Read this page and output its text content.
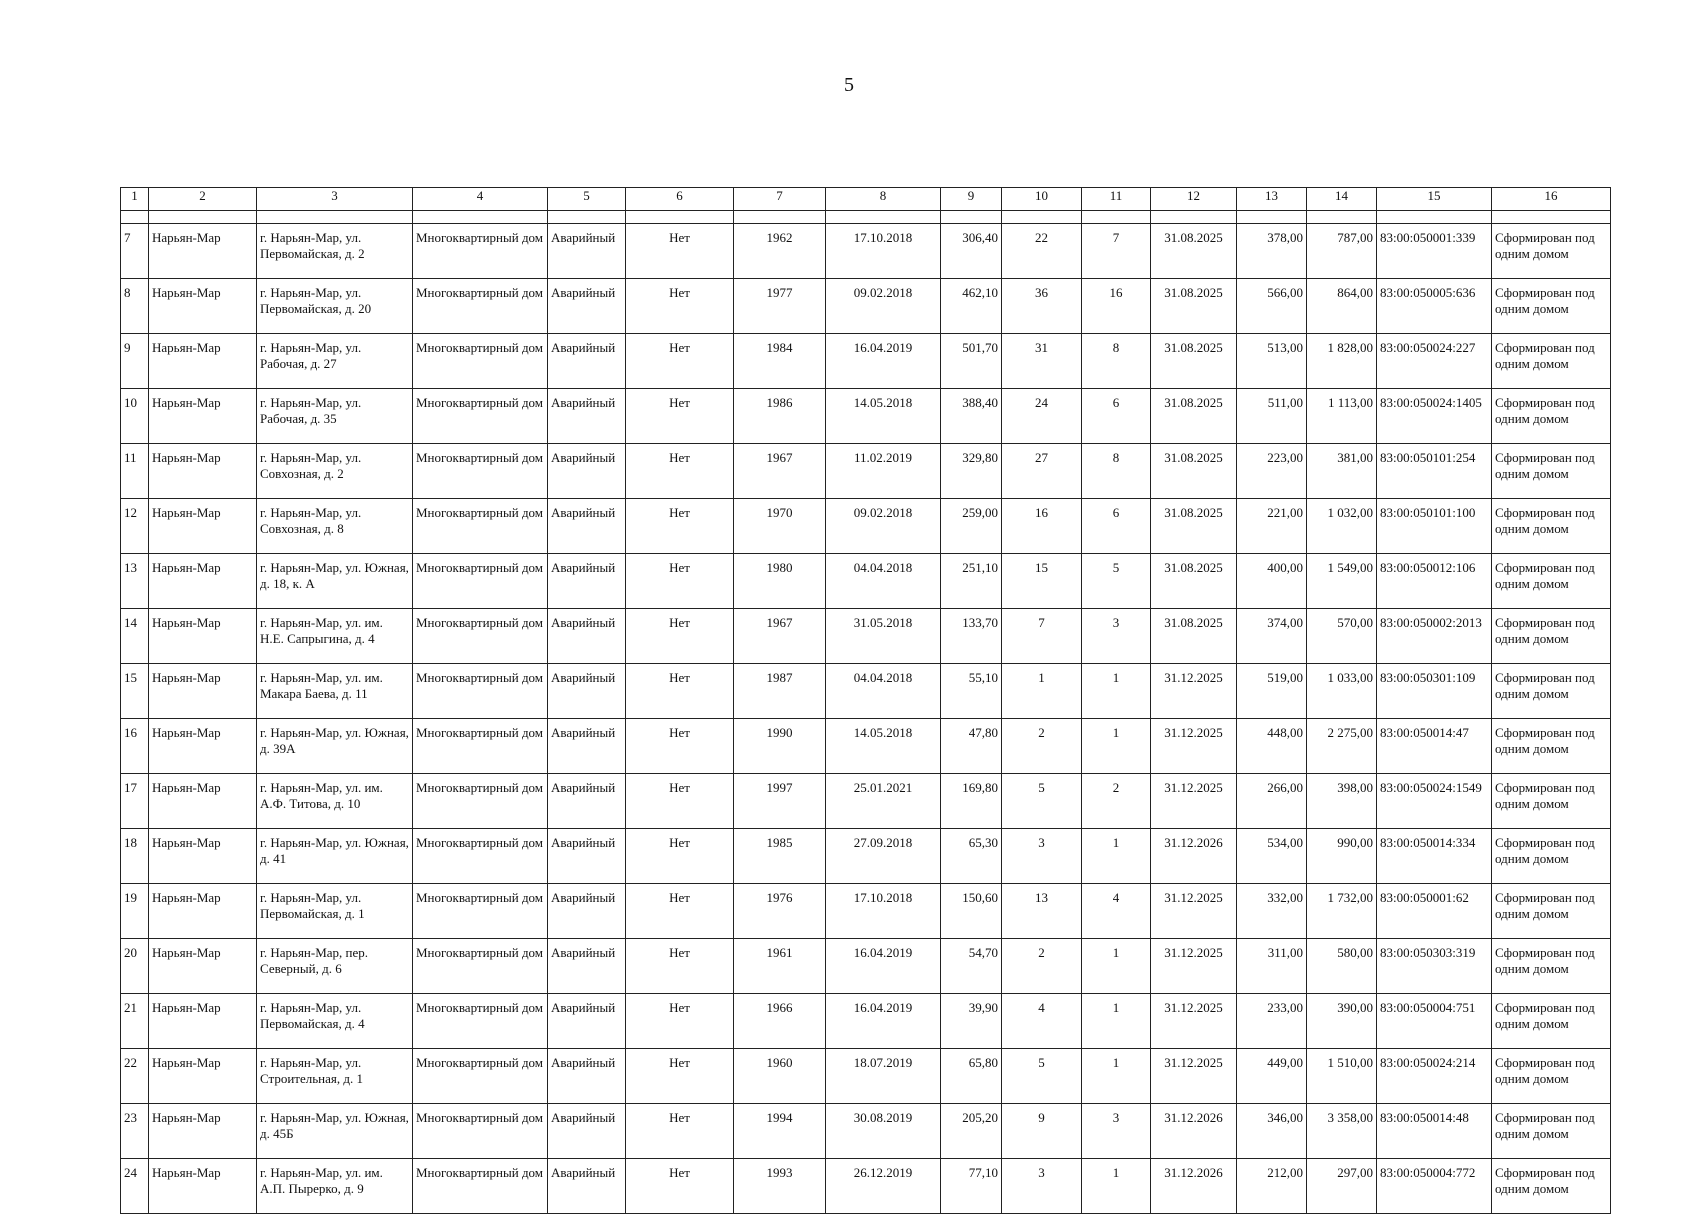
5
1	2	3	4	5	6	7	8	9	10	11	12	13	14	15	16

7	Нарьян-Мар	г. Нарьян-Мар, ул. Первомайская, д. 2	Многоквартирный дом	Аварийный	Нет	1962	17.10.2018	306,40	22	7	31.08.2025	378,00	787,00	83:00:050001:339	Сформирован под одним домом
8	Нарьян-Мар	г. Нарьян-Мар, ул. Первомайская, д. 20	Многоквартирный дом	Аварийный	Нет	1977	09.02.2018	462,10	36	16	31.08.2025	566,00	864,00	83:00:050005:636	Сформирован под одним домом
9	Нарьян-Мар	г. Нарьян-Мар, ул. Рабочая, д. 27	Многоквартирный дом	Аварийный	Нет	1984	16.04.2019	501,70	31	8	31.08.2025	513,00	1 828,00	83:00:050024:227	Сформирован под одним домом
10	Нарьян-Мар	г. Нарьян-Мар, ул. Рабочая, д. 35	Многоквартирный дом	Аварийный	Нет	1986	14.05.2018	388,40	24	6	31.08.2025	511,00	1 113,00	83:00:050024:1405	Сформирован под одним домом
11	Нарьян-Мар	г. Нарьян-Мар, ул. Совхозная, д. 2	Многоквартирный дом	Аварийный	Нет	1967	11.02.2019	329,80	27	8	31.08.2025	223,00	381,00	83:00:050101:254	Сформирован под одним домом
12	Нарьян-Мар	г. Нарьян-Мар, ул. Совхозная, д. 8	Многоквартирный дом	Аварийный	Нет	1970	09.02.2018	259,00	16	6	31.08.2025	221,00	1 032,00	83:00:050101:100	Сформирован под одним домом
13	Нарьян-Мар	г. Нарьян-Мар, ул. Южная, д. 18, к. А	Многоквартирный дом	Аварийный	Нет	1980	04.04.2018	251,10	15	5	31.08.2025	400,00	1 549,00	83:00:050012:106	Сформирован под одним домом
14	Нарьян-Мар	г. Нарьян-Мар, ул. им. Н.Е. Сапрыгина, д. 4	Многоквартирный дом	Аварийный	Нет	1967	31.05.2018	133,70	7	3	31.08.2025	374,00	570,00	83:00:050002:2013	Сформирован под одним домом
15	Нарьян-Мар	г. Нарьян-Мар, ул. им. Макара Баева, д. 11	Многоквартирный дом	Аварийный	Нет	1987	04.04.2018	55,10	1	1	31.12.2025	519,00	1 033,00	83:00:050301:109	Сформирован под одним домом
16	Нарьян-Мар	г. Нарьян-Мар, ул. Южная, д. 39А	Многоквартирный дом	Аварийный	Нет	1990	14.05.2018	47,80	2	1	31.12.2025	448,00	2 275,00	83:00:050014:47	Сформирован под одним домом
17	Нарьян-Мар	г. Нарьян-Мар, ул. им. А.Ф. Титова, д. 10	Многоквартирный дом	Аварийный	Нет	1997	25.01.2021	169,80	5	2	31.12.2025	266,00	398,00	83:00:050024:1549	Сформирован под одним домом
18	Нарьян-Мар	г. Нарьян-Мар, ул. Южная, д. 41	Многоквартирный дом	Аварийный	Нет	1985	27.09.2018	65,30	3	1	31.12.2026	534,00	990,00	83:00:050014:334	Сформирован под одним домом
19	Нарьян-Мар	г. Нарьян-Мар, ул. Первомайская, д. 1	Многоквартирный дом	Аварийный	Нет	1976	17.10.2018	150,60	13	4	31.12.2025	332,00	1 732,00	83:00:050001:62	Сформирован под одним домом
20	Нарьян-Мар	г. Нарьян-Мар, пер. Северный, д. 6	Многоквартирный дом	Аварийный	Нет	1961	16.04.2019	54,70	2	1	31.12.2025	311,00	580,00	83:00:050303:319	Сформирован под одним домом
21	Нарьян-Мар	г. Нарьян-Мар, ул. Первомайская, д. 4	Многоквартирный дом	Аварийный	Нет	1966	16.04.2019	39,90	4	1	31.12.2025	233,00	390,00	83:00:050004:751	Сформирован под одним домом
22	Нарьян-Мар	г. Нарьян-Мар, ул. Строительная, д. 1	Многоквартирный дом	Аварийный	Нет	1960	18.07.2019	65,80	5	1	31.12.2025	449,00	1 510,00	83:00:050024:214	Сформирован под одним домом
23	Нарьян-Мар	г. Нарьян-Мар, ул. Южная, д. 45Б	Многоквартирный дом	Аварийный	Нет	1994	30.08.2019	205,20	9	3	31.12.2026	346,00	3 358,00	83:00:050014:48	Сформирован под одним домом
24	Нарьян-Мар	г. Нарьян-Мар, ул. им. А.П. Пырерко, д. 9	Многоквартирный дом	Аварийный	Нет	1993	26.12.2019	77,10	3	1	31.12.2026	212,00	297,00	83:00:050004:772	Сформирован под одним домом
